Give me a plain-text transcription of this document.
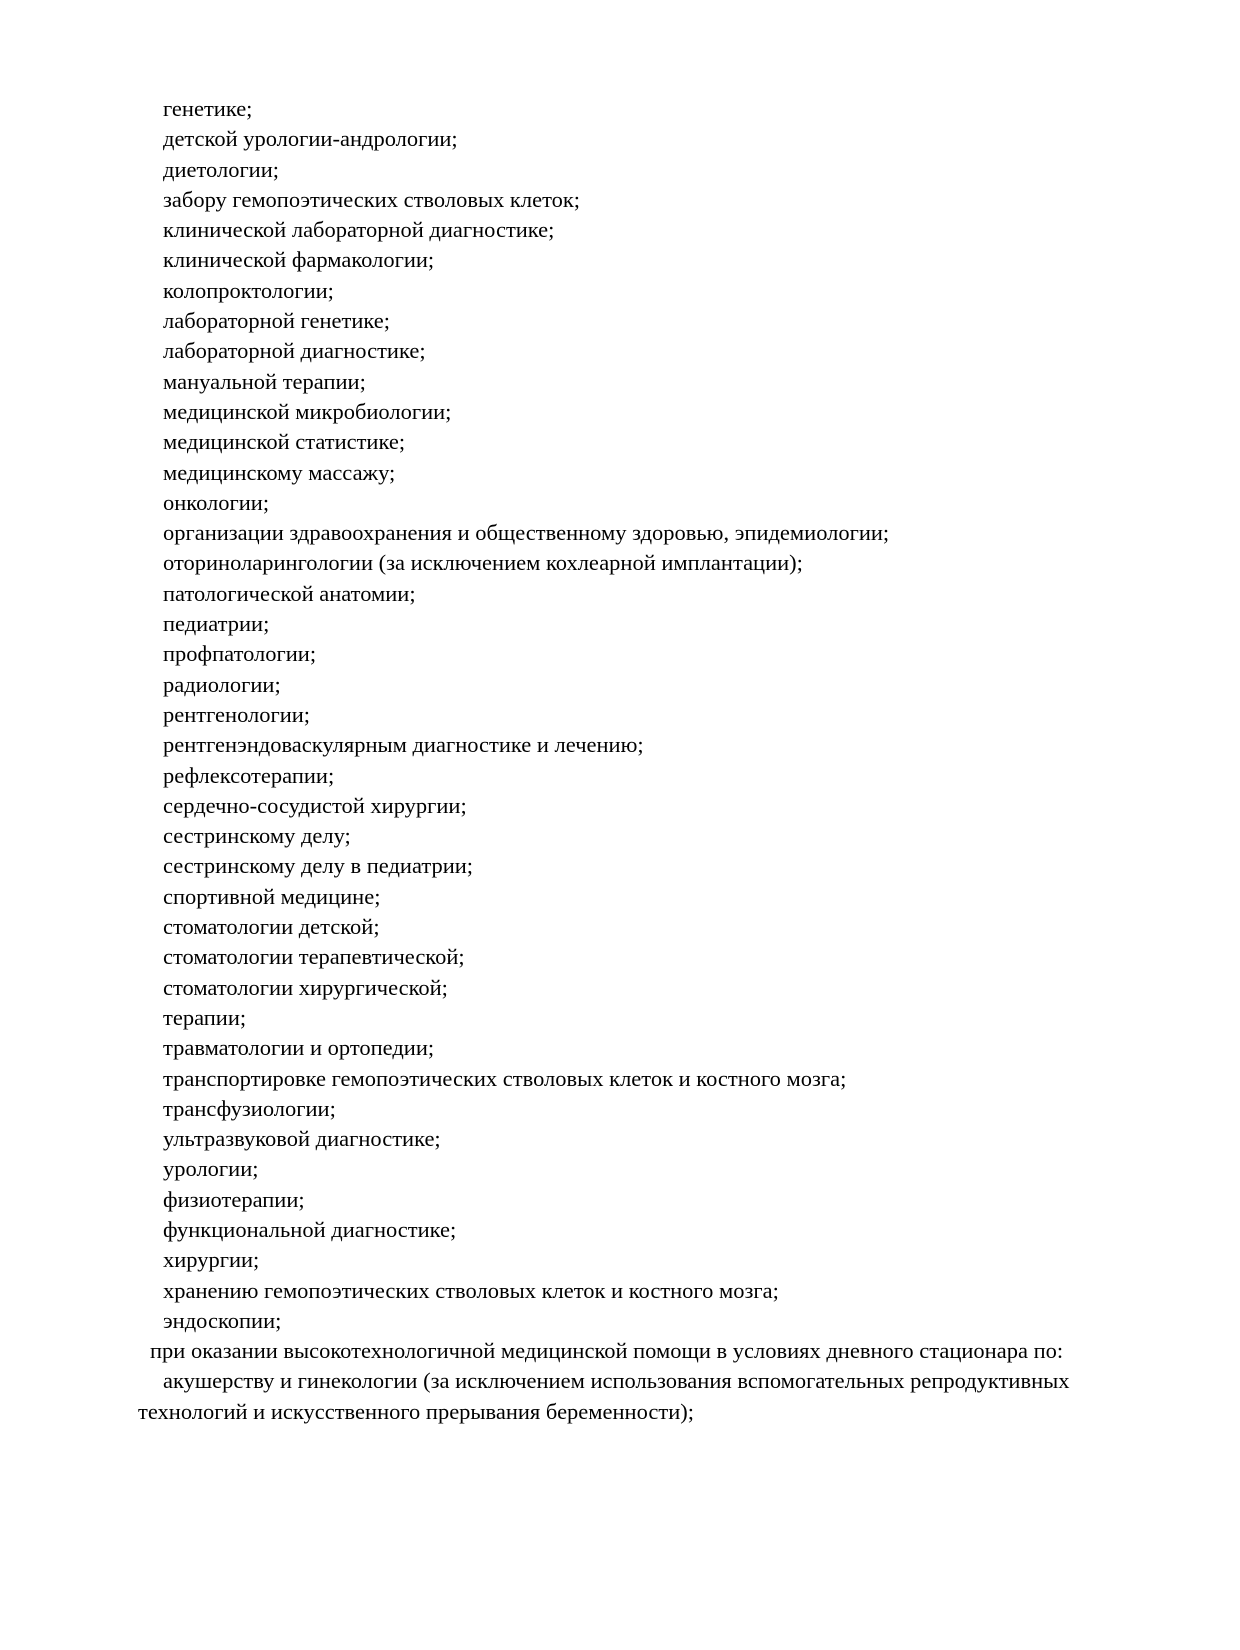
генетике;
детской урологии-андрологии;
диетологии;
забору гемопоэтических стволовых клеток;
клинической лабораторной диагностике;
клинической фармакологии;
колопроктологии;
лабораторной генетике;
лабораторной диагностике;
мануальной терапии;
медицинской микробиологии;
медицинской статистике;
медицинскому массажу;
онкологии;
организации здравоохранения и общественному здоровью, эпидемиологии;
оториноларингологии (за исключением кохлеарной имплантации);
патологической анатомии;
педиатрии;
профпатологии;
радиологии;
рентгенологии;
рентгенэндоваскулярным диагностике и лечению;
рефлексотерапии;
сердечно-сосудистой хирургии;
сестринскому делу;
сестринскому делу в педиатрии;
спортивной медицине;
стоматологии детской;
стоматологии терапевтической;
стоматологии хирургической;
терапии;
травматологии и ортопедии;
транспортировке гемопоэтических стволовых клеток и костного мозга;
трансфузиологии;
ультразвуковой диагностике;
урологии;
физиотерапии;
функциональной диагностике;
хирургии;
хранению гемопоэтических стволовых клеток и костного мозга;
эндоскопии;
при оказании высокотехнологичной медицинской помощи в условиях дневного стационара по:
акушерству и гинекологии (за исключением использования вспомогательных репродуктивных
технологий и искусственного прерывания беременности);
